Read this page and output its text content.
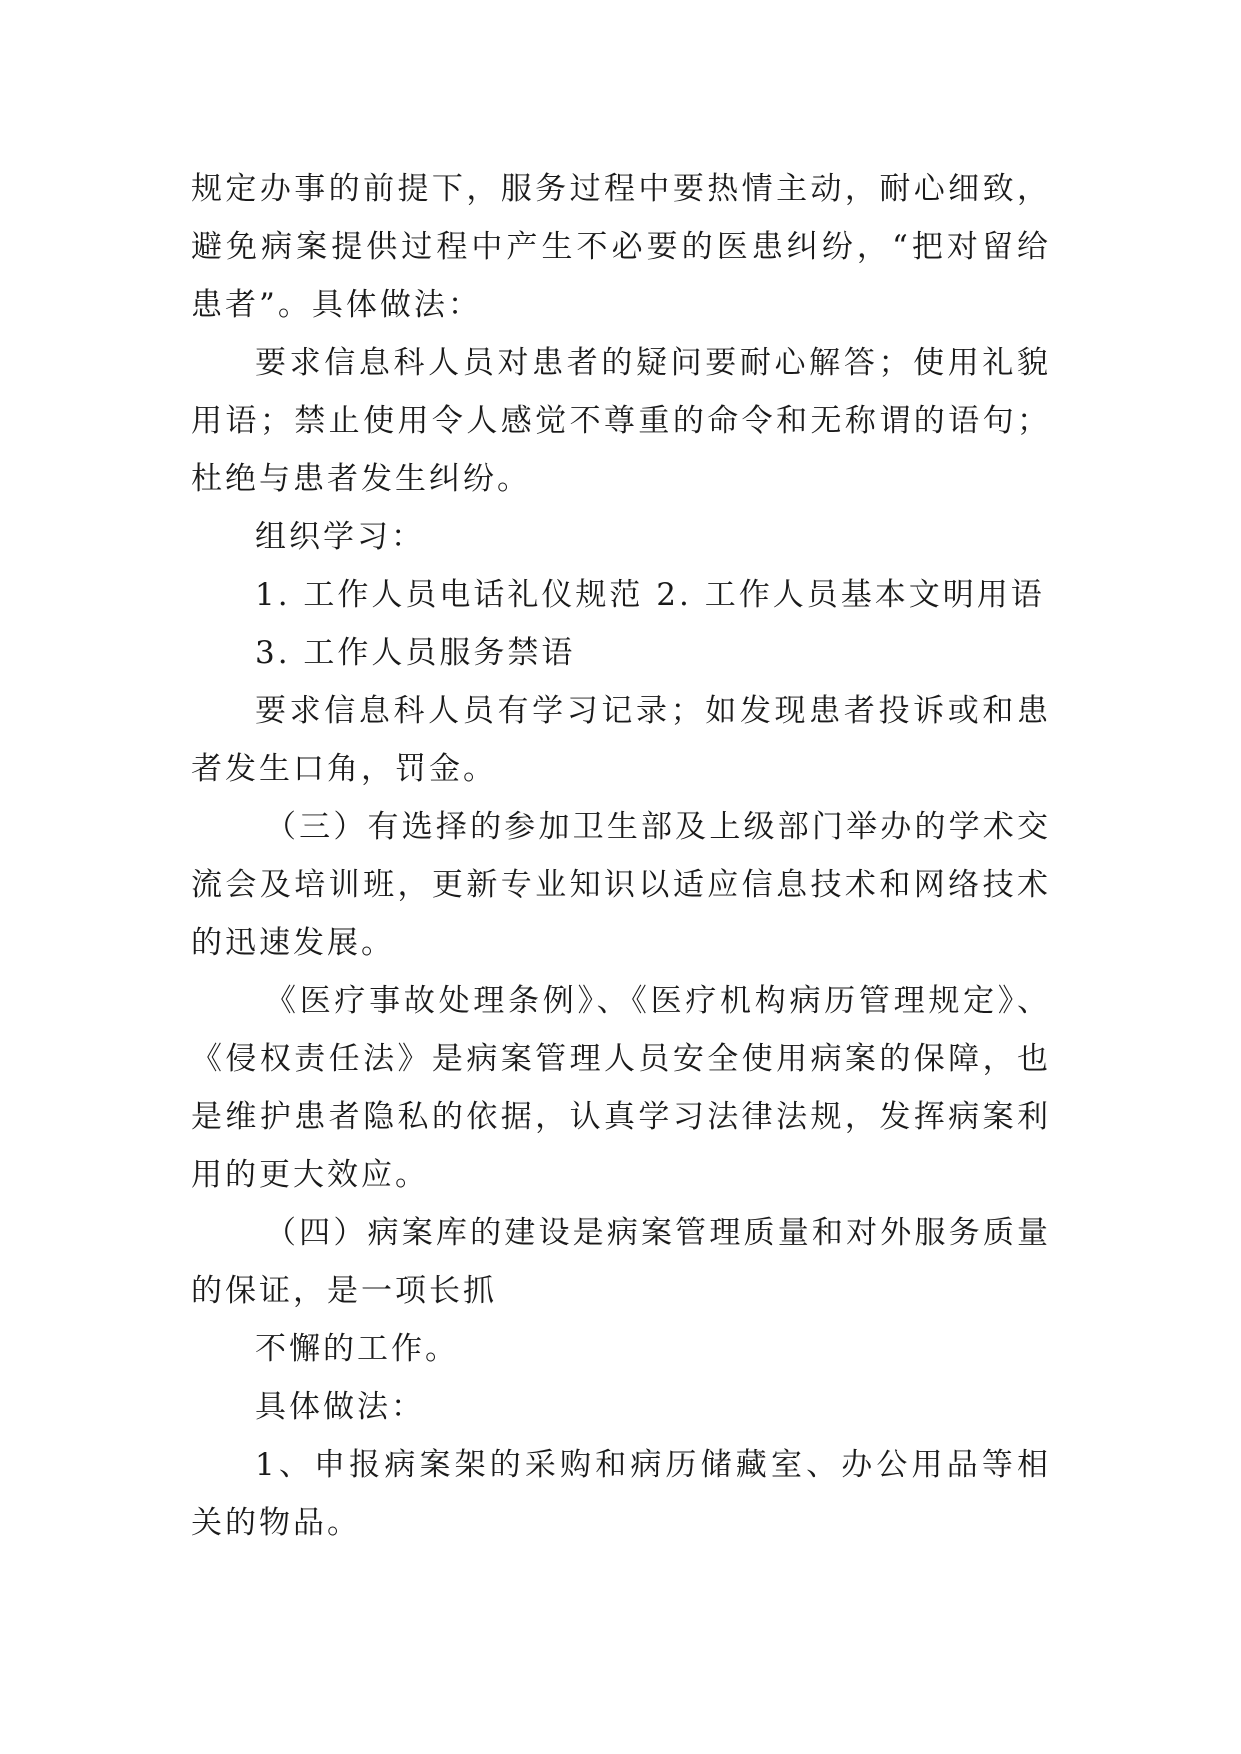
规定办事的前提下，服务过程中要热情主动，耐心细致，避免病案提供过程中产生不必要的医患纠纷，“把对留给患者”。具体做法：

要求信息科人员对患者的疑问要耐心解答；使用礼貌用语；禁止使用令人感觉不尊重的命令和无称谓的语句；杜绝与患者发生纠纷。

组织学习：

1. 工作人员电话礼仪规范 2. 工作人员基本文明用语

3. 工作人员服务禁语

要求信息科人员有学习记录；如发现患者投诉或和患者发生口角，罚金。

（三）有选择的参加卫生部及上级部门举办的学术交流会及培训班，更新专业知识以适应信息技术和网络技术的迅速发展。

《医疗事故处理条例》、《医疗机构病历管理规定》、《侵权责任法》是病案管理人员安全使用病案的保障，也是维护患者隐私的依据，认真学习法律法规，发挥病案利用的更大效应。

（四）病案库的建设是病案管理质量和对外服务质量的保证，是一项长抓

不懈的工作。

具体做法：

1、申报病案架的采购和病历储藏室、办公用品等相关的物品。
